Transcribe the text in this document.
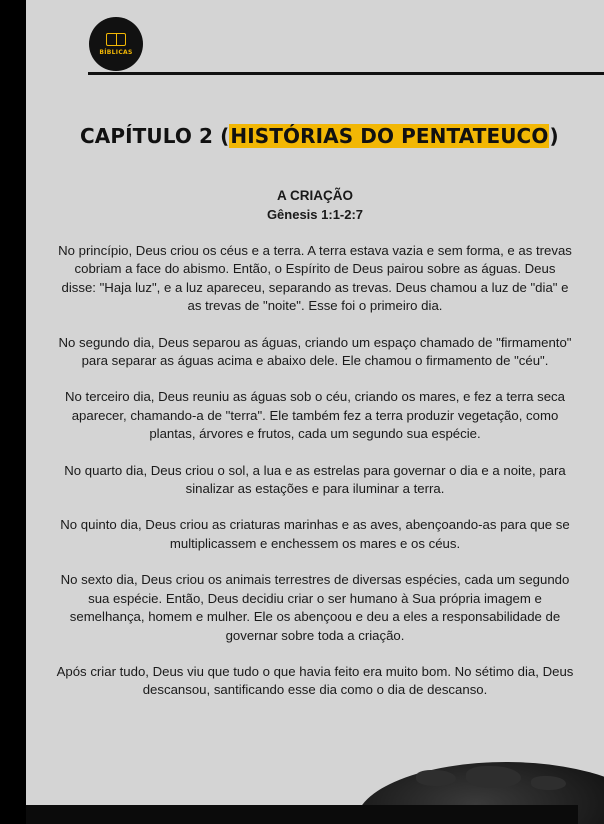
BÍBLICAS
CAPÍTULO 2 (HISTÓRIAS DO PENTATEUCO)
A CRIAÇÃO
Gênesis 1:1-2:7

No princípio, Deus criou os céus e a terra. A terra estava vazia e sem forma, e as trevas cobriam a face do abismo. Então, o Espírito de Deus pairou sobre as águas. Deus disse: "Haja luz", e a luz apareceu, separando as trevas. Deus chamou a luz de "dia" e as trevas de "noite". Esse foi o primeiro dia.

No segundo dia, Deus separou as águas, criando um espaço chamado de "firmamento" para separar as águas acima e abaixo dele. Ele chamou o firmamento de "céu".

No terceiro dia, Deus reuniu as águas sob o céu, criando os mares, e fez a terra seca aparecer, chamando-a de "terra". Ele também fez a terra produzir vegetação, como plantas, árvores e frutos, cada um segundo sua espécie.

No quarto dia, Deus criou o sol, a lua e as estrelas para governar o dia e a noite, para sinalizar as estações e para iluminar a terra.

No quinto dia, Deus criou as criaturas marinhas e as aves, abençoando-as para que se multiplicassem e enchessem os mares e os céus.

No sexto dia, Deus criou os animais terrestres de diversas espécies, cada um segundo sua espécie. Então, Deus decidiu criar o ser humano à Sua própria imagem e semelhança, homem e mulher. Ele os abençoou e deu a eles a responsabilidade de governar sobre toda a criação.

Após criar tudo, Deus viu que tudo o que havia feito era muito bom. No sétimo dia, Deus descansou, santificando esse dia como o dia de descanso.
